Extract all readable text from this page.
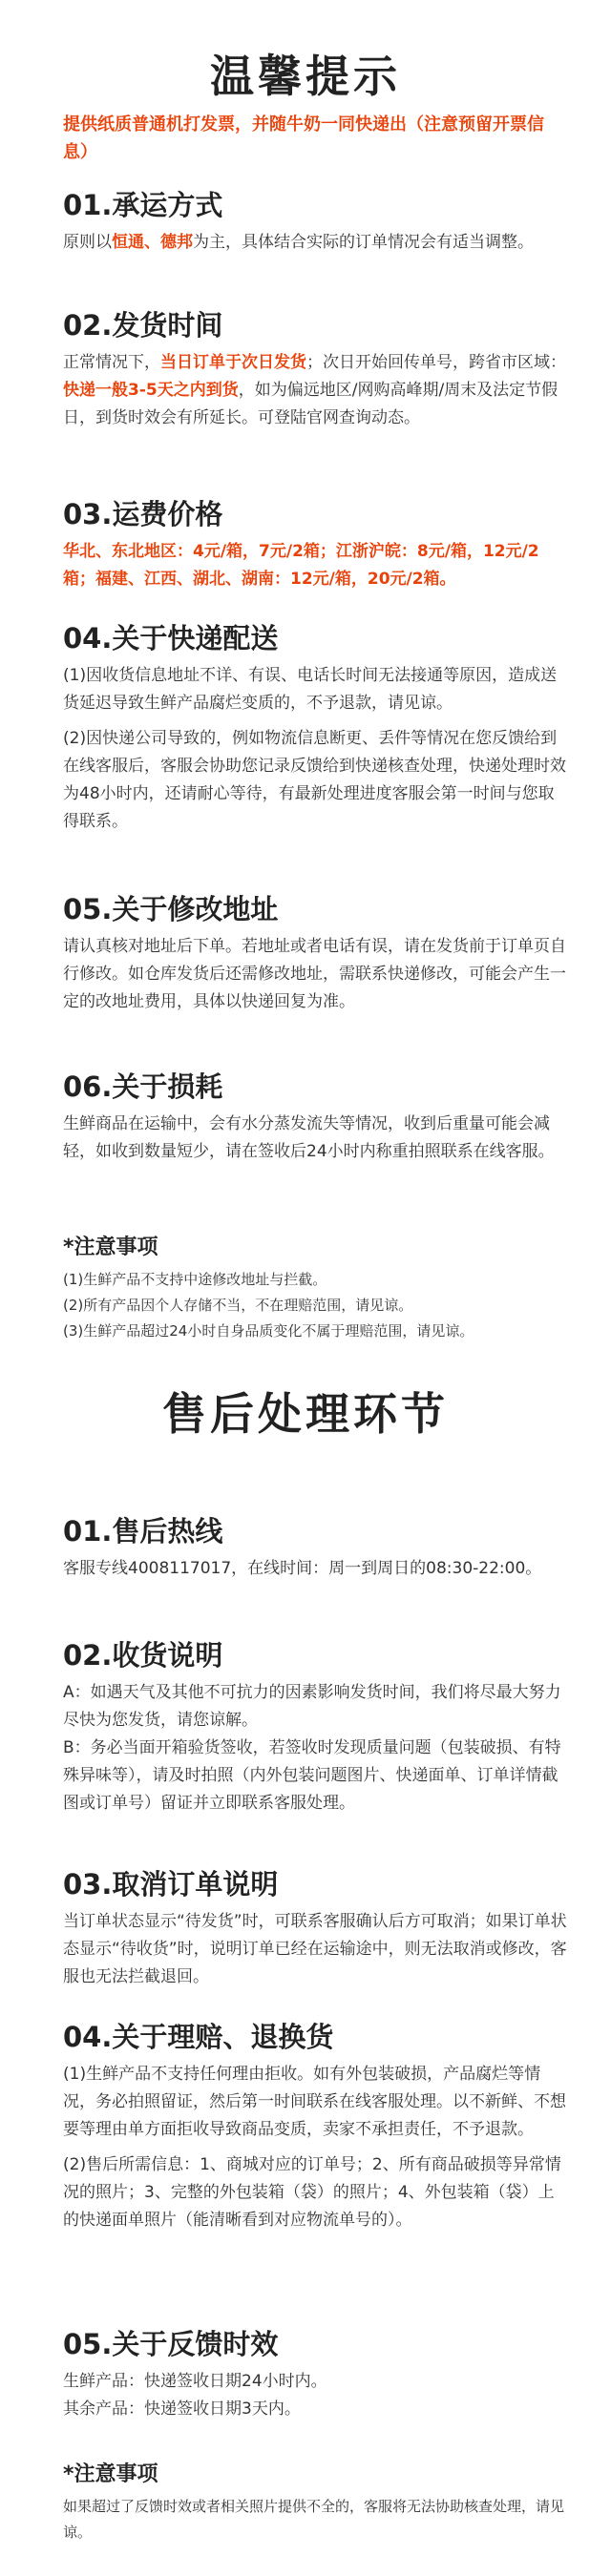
温馨提示
提供纸质普通机打发票，并随牛奶一同快递出（注意预留开票信息）
01.承运方式

原则以恒通、德邦为主，具体结合实际的订单情况会有适当调整。

02.发货时间

正常情况下，当日订单于次日发货；次日开始回传单号，跨省市区域：快递一般3-5天之内到货，如为偏远地区/网购高峰期/周末及法定节假日，到货时效会有所延长。可登陆官网查询动态。

03.运费价格

华北、东北地区：4元/箱，7元/2箱；江浙沪皖：8元/箱，12元/2箱；福建、江西、湖北、湖南：12元/箱，20元/2箱。

04.关于快递配送

(1)因收货信息地址不详、有误、电话长时间无法接通等原因，造成送货延迟导致生鲜产品腐烂变质的，不予退款，请见谅。

(2)因快递公司导致的，例如物流信息断更、丢件等情况在您反馈给到在线客服后，客服会协助您记录反馈给到快递核查处理，快递处理时效为48小时内，还请耐心等待，有最新处理进度客服会第一时间与您取得联系。

05.关于修改地址

请认真核对地址后下单。若地址或者电话有误，请在发货前于订单页自行修改。如仓库发货后还需修改地址，需联系快递修改，可能会产生一定的改地址费用，具体以快递回复为准。

06.关于损耗

生鲜商品在运输中，会有水分蒸发流失等情况，收到后重量可能会减轻，如收到数量短少，请在签收后24小时内称重拍照联系在线客服。

*注意事项

(1)生鲜产品不支持中途修改地址与拦截。

(2)所有产品因个人存储不当，不在理赔范围，请见谅。

(3)生鲜产品超过24小时自身品质变化不属于理赔范围，请见谅。

售后处理环节
01.售后热线

客服专线4008117017，在线时间：周一到周日的08:30-22:00。

02.收货说明

A：如遇天气及其他不可抗力的因素影响发货时间，我们将尽最大努力尽快为您发货，请您谅解。

B：务必当面开箱验货签收，若签收时发现质量问题（包装破损、有特殊异味等），请及时拍照（内外包装问题图片、快递面单、订单详情截图或订单号）留证并立即联系客服处理。

03.取消订单说明

当订单状态显示“待发货”时，可联系客服确认后方可取消；如果订单状态显示“待收货”时，说明订单已经在运输途中，则无法取消或修改，客服也无法拦截退回。

04.关于理赔、退换货

(1)生鲜产品不支持任何理由拒收。如有外包装破损，产品腐烂等情况，务必拍照留证，然后第一时间联系在线客服处理。以不新鲜、不想要等理由单方面拒收导致商品变质，卖家不承担责任，不予退款。

(2)售后所需信息：1、商城对应的订单号；2、所有商品破损等异常情况的照片；3、完整的外包装箱（袋）的照片；4、外包装箱（袋）上的快递面单照片（能清晰看到对应物流单号的）。

05.关于反馈时效

生鲜产品：快递签收日期24小时内。

其余产品：快递签收日期3天内。

*注意事项

如果超过了反馈时效或者相关照片提供不全的，客服将无法协助核查处理，请见谅。
